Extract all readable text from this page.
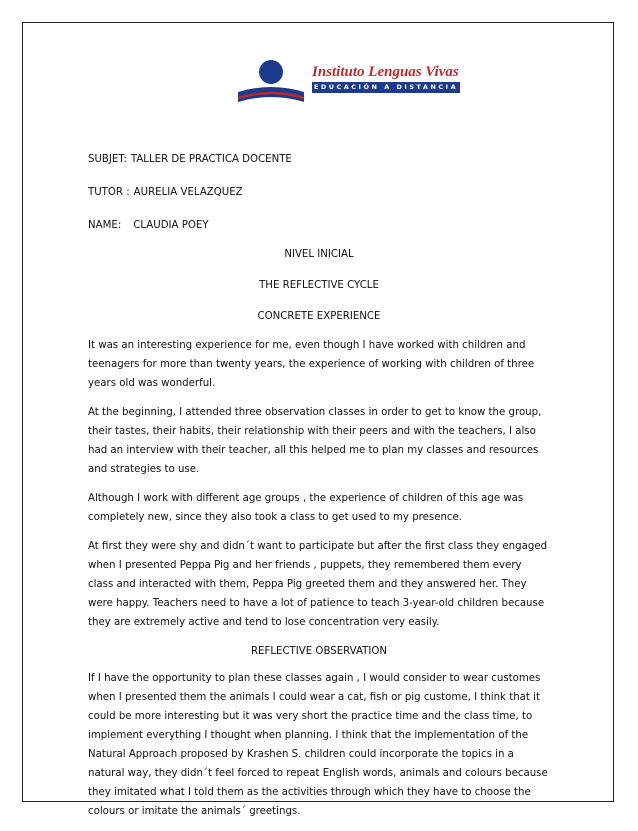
Instituto Lenguas Vivas
EDUCACIÓN A DISTANCIA
SUBJET: TALLER DE PRACTICA DOCENTE
TUTOR : AURELIA VELAZQUEZ
NAME: CLAUDIA POEY
NIVEL INICIAL
THE REFLECTIVE CYCLE
CONCRETE EXPERIENCE

It was an interesting experience for me, even though I have worked with children and teenagers for more than twenty years, the experience of working with children of three years old was wonderful.

At the beginning, I attended three observation classes in order to get to know the group, their tastes, their habits, their relationship with their peers and with the teachers, I also had an interview with their teacher, all this helped me to plan my classes and resources and strategies to use.

Although I work with different age groups , the experience of children of this age was completely new, since they also took a class to get used to my presence.

At first they were shy and didn´t want to participate but after the first class they engaged when I presented Peppa Pig and her friends , puppets, they remembered them every class and interacted with them, Peppa Pig greeted them and they answered her. They were happy. Teachers need to have a lot of patience to teach 3-year-old children because they are extremely active and tend to lose concentration very easily.

REFLECTIVE OBSERVATION

If I have the opportunity to plan these classes again , I would consider to wear customes when I presented them the animals I could wear a cat, fish or pig custome, I think that it could be more interesting but it was very short the practice time and the class time, to implement everything I thought when planning. I think that the implementation of the Natural Approach proposed by Krashen S. children could incorporate the topics in a natural way, they didn´t feel forced to repeat English words, animals and colours because they imitated what I told them as the activities through which they have to choose the colours or imitate the animals´ greetings.
